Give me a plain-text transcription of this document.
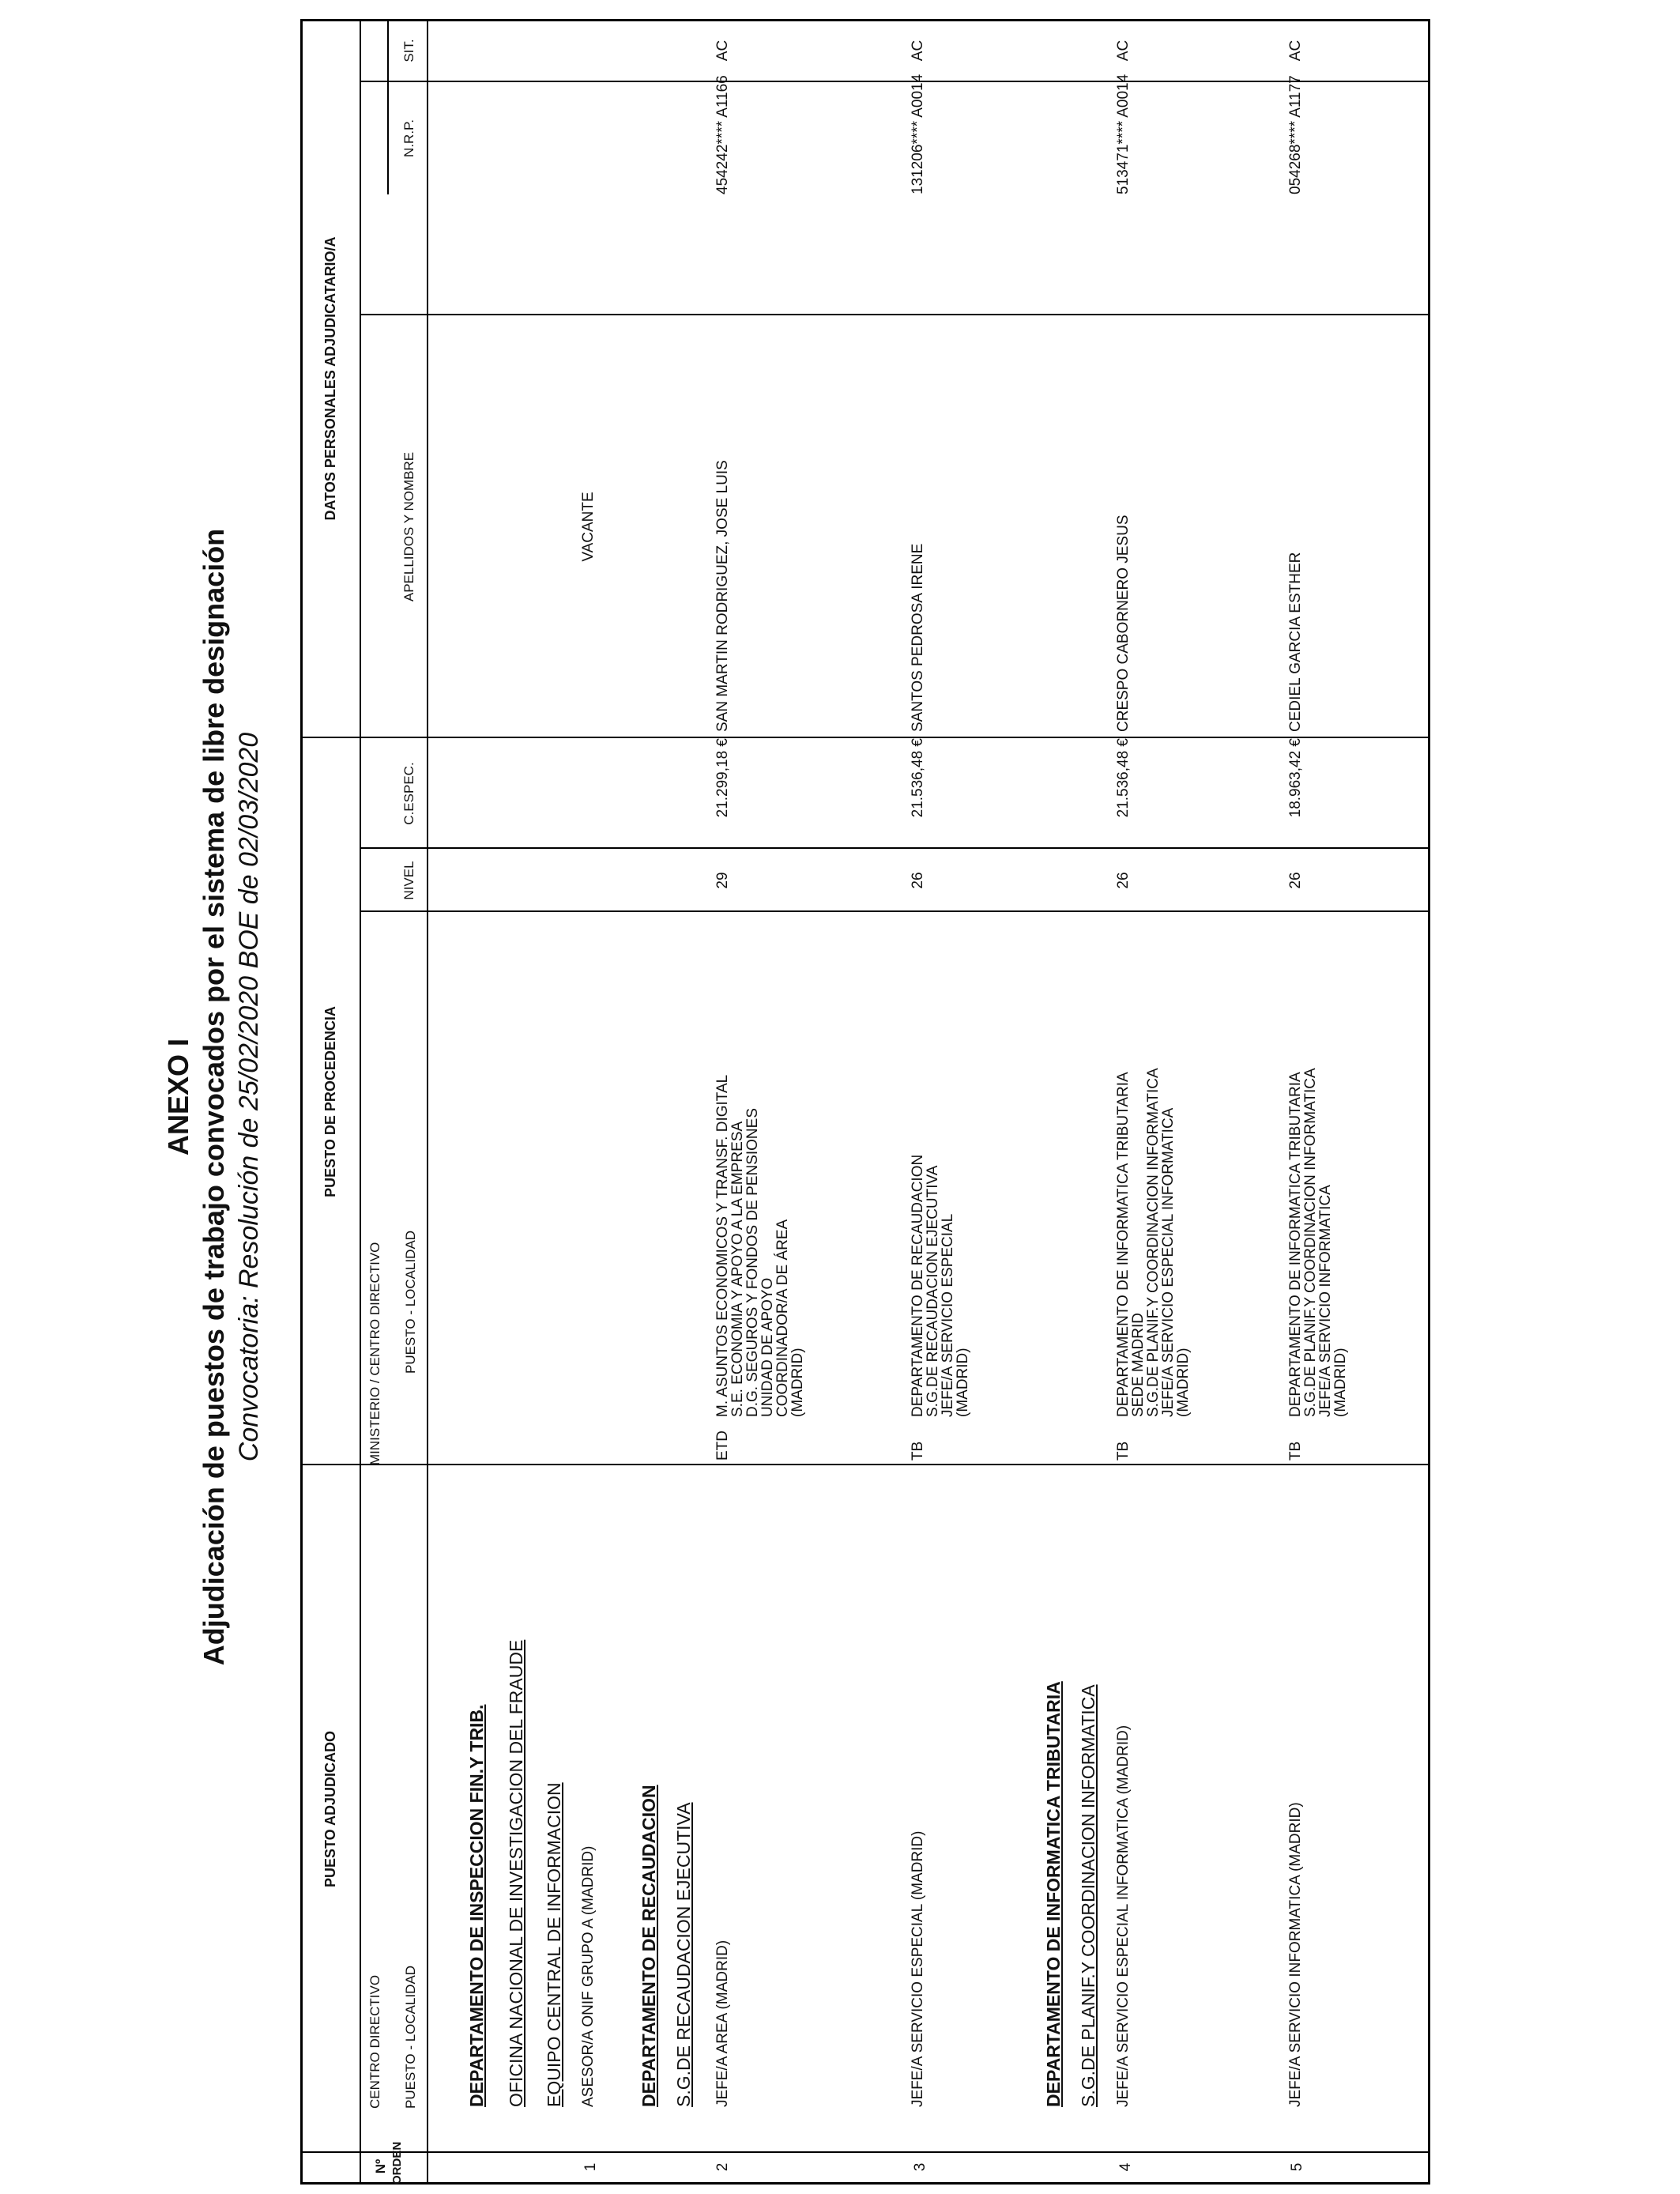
ANEXO I Adjudicación de puestos de trabajo convocados por el sistema de libre designación Convocatoria: Resolución de 25/02/2020 BOE de 02/03/2020
PUESTO ADJUDICADO
PUESTO DE PROCEDENCIA
DATOS PERSONALES ADJUDICATARIO/A
Nº ORDEN
CENTRO DIRECTIVO PUESTO - LOCALIDAD
MINISTERIO / CENTRO DIRECTIVO PUESTO - LOCALIDAD
NIVEL
C.ESPEC.
APELLIDOS Y NOMBRE
N.R.P.
SIT.
DEPARTAMENTO DE INSPECCION FIN.Y TRIB. OFICINA NACIONAL DE INVESTIGACION DEL FRAUDE EQUIPO CENTRAL DE INFORMACION
1
ASESOR/A ONIF GRUPO A (MADRID)
VACANTE
DEPARTAMENTO DE RECAUDACION S.G.DE RECAUDACION EJECUTIVA
2
JEFE/A AREA (MADRID)
ETD
M. ASUNTOS ECONOMICOS Y TRANSF. DIGITAL
S.E. ECONOMIA Y APOYO A LA EMPRESA
D.G. SEGUROS Y FONDOS DE PENSIONES
UNIDAD DE APOYO
COORDINADOR/A DE ÁREA
(MADRID)
29
21.299,18 €
SAN MARTIN RODRIGUEZ, JOSE LUIS
454242**** A1166
AC
3
JEFE/A SERVICIO ESPECIAL (MADRID)
TB
DEPARTAMENTO DE RECAUDACION
S.G.DE RECAUDACION EJECUTIVA
JEFE/A SERVICIO ESPECIAL
(MADRID)
26
21.536,48 €
SANTOS PEDROSA IRENE
131206**** A0014
AC
DEPARTAMENTO DE INFORMATICA TRIBUTARIA S.G.DE PLANIF.Y COORDINACION INFORMATICA
4
JEFE/A SERVICIO ESPECIAL INFORMATICA (MADRID)
TB
DEPARTAMENTO DE INFORMATICA TRIBUTARIA
SEDE MADRID
S.G.DE PLANIF.Y COORDINACION INFORMATICA
JEFE/A SERVICIO ESPECIAL INFORMATICA
(MADRID)
26
21.536,48 €
CRESPO CABORNERO JESUS
513471**** A0014
AC
5
JEFE/A SERVICIO INFORMATICA (MADRID)
TB
DEPARTAMENTO DE INFORMATICA TRIBUTARIA
S.G.DE PLANIF.Y COORDINACION INFORMATICA
JEFE/A SERVICIO INFORMATICA
(MADRID)
26
18.963,42 €
CEDIEL GARCIA ESTHER
054268**** A1177
AC
